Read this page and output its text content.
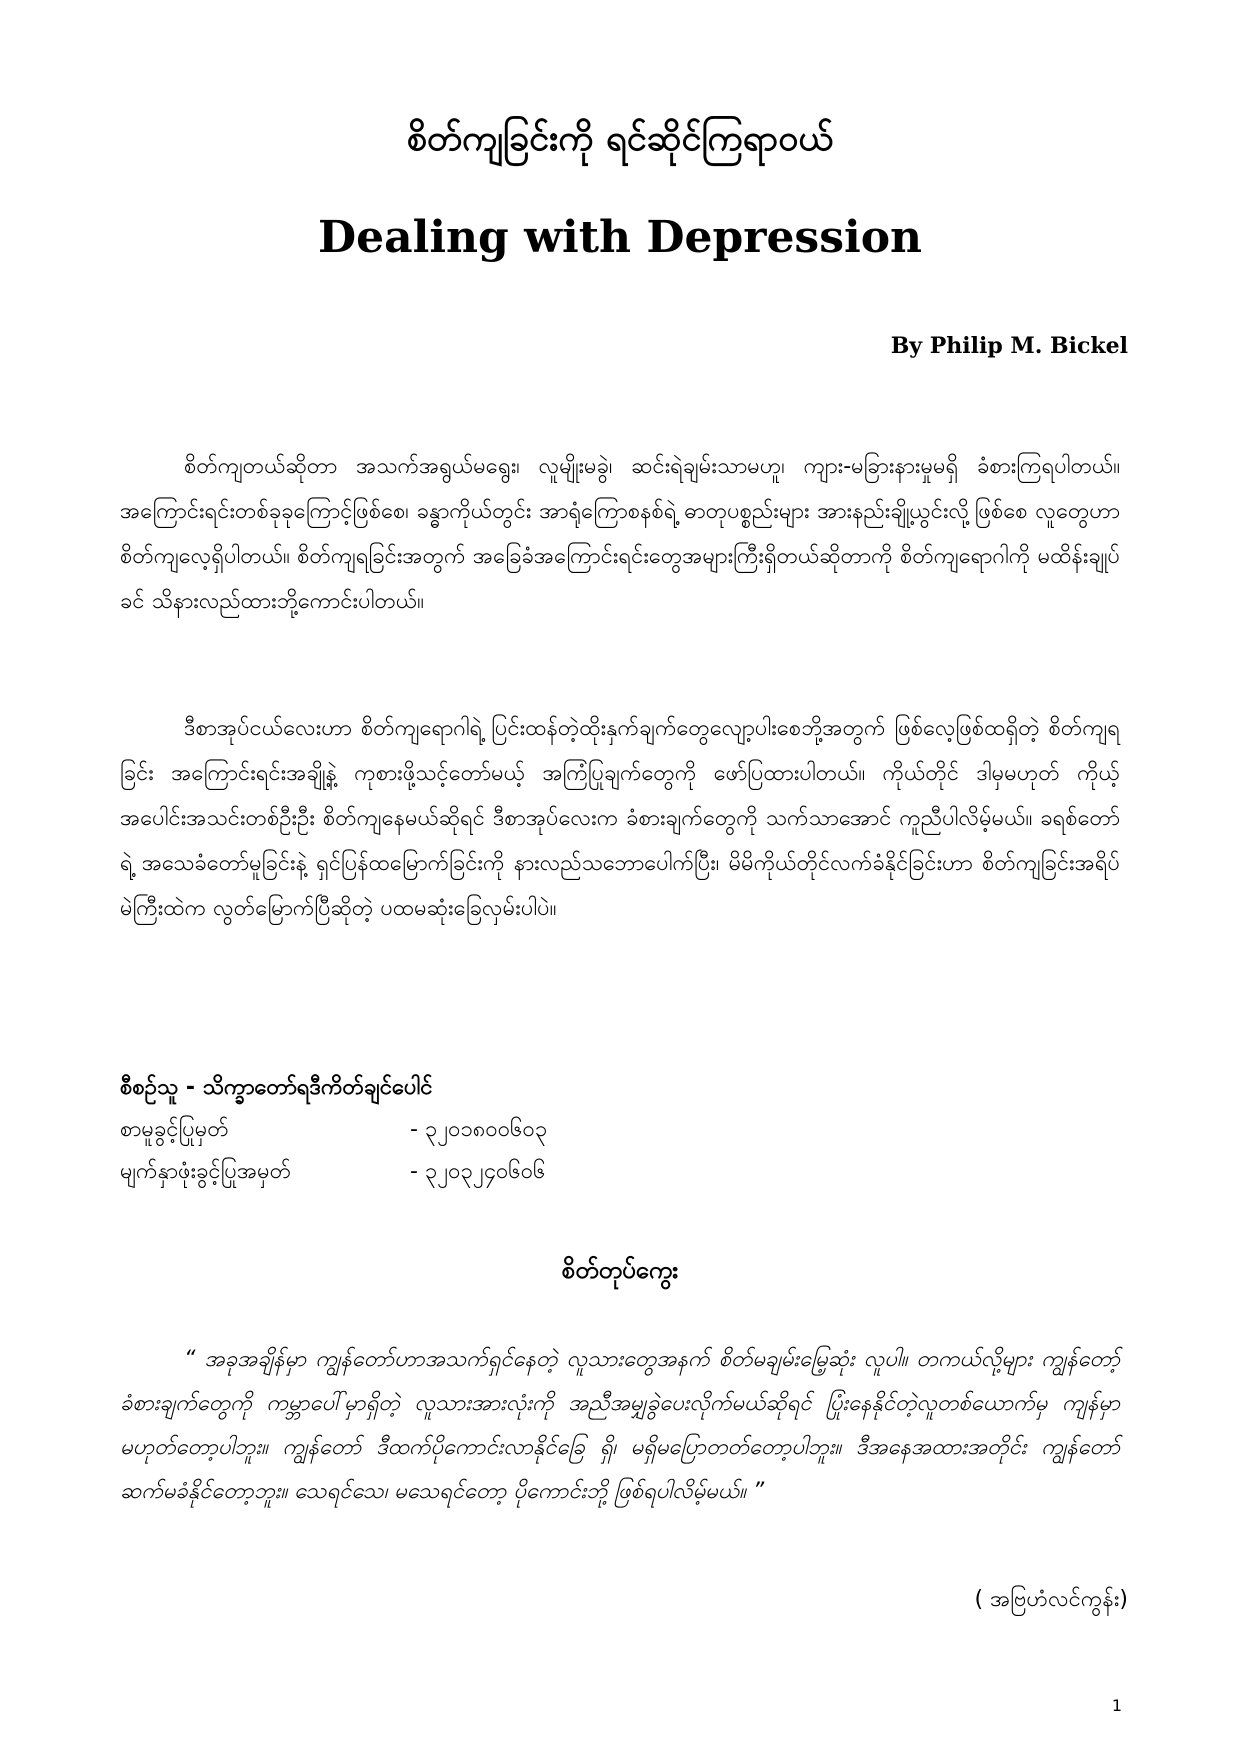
စိတ်ကျခြင်းကို ရင်ဆိုင်ကြရာဝယ်
Dealing with Depression
By Philip M. Bickel

စိတ်ကျတယ်ဆိုတာ အသက်အရွယ်မရွေး၊ လူမျိုးမခွဲ၊ ဆင်းရဲချမ်းသာမဟူ၊ ကျား-မခြားနားမှုမရှိ ခံစားကြရပါတယ်။ အကြောင်းရင်းတစ်ခုခုကြောင့်ဖြစ်စေ၊ ခန္ဓာကိုယ်တွင်း အာရုံကြောစနစ်ရဲ့ ဓာတုပစ္စည်းများ အားနည်းချို့ယွင်းလို့ဖြစ်စေ လူတွေဟာစိတ်ကျလေ့ရှိပါတယ်။ စိတ်ကျရခြင်းအတွက် အခြေခံအကြောင်းရင်းတွေအများကြီးရှိတယ်ဆိုတာကို စိတ်ကျရောဂါကို မထိန်းချုပ်ခင် သိနားလည်ထားဘို့ကောင်းပါတယ်။

ဒီစာအုပ်ငယ်လေးဟာ စိတ်ကျရောဂါရဲ့ ပြင်းထန်တဲ့ထိုးနှက်ချက်တွေလျော့ပါးစေဘို့အတွက် ဖြစ်လေ့ဖြစ်ထရှိတဲ့ စိတ်ကျရခြင်း အကြောင်းရင်းအချို့နဲ့ ကုစားဖို့သင့်တော်မယ့် အကြံပြုချက်တွေကို ဖော်ပြထားပါတယ်။ ကိုယ်တိုင် ဒါမှမဟုတ် ကိုယ့်အပေါင်းအသင်းတစ်ဦးဦး စိတ်ကျနေမယ်ဆိုရင် ဒီစာအုပ်လေးက ခံစားချက်တွေကို သက်သာအောင် ကူညီပါလိမ့်မယ်။ ခရစ်တော်ရဲ့ အသေခံတော်မူခြင်းနဲ့ ရှင်ပြန်ထမြောက်ခြင်းကို နားလည်သဘောပေါက်ပြီး၊ မိမိကိုယ်တိုင်လက်ခံနိုင်ခြင်းဟာ စိတ်ကျခြင်းအရိပ်မဲကြီးထဲက လွတ်မြောက်ပြီဆိုတဲ့ ပထမဆုံးခြေလှမ်းပါပဲ။

စီစဉ်သူ - သိက္ခာတော်ရဒီကိတ်ချင်ပေါင်
စာမူခွင့်ပြုမှတ်	- ၃၂၀၁၈၀၀၆၀၃
မျက်နှာဖုံးခွင့်ပြုအမှတ်	- ၃၂၀၃၂၄၀၆၀၆
စိတ်တုပ်ကွေး

“ အခုအချိန်မှာ ကျွန်တော်ဟာအသက်ရှင်နေတဲ့ လူသားတွေအနက် စိတ်မချမ်းမြေ့ဆုံး လူပါ။ တကယ်လို့များ ကျွန်တော့်ခံစားချက်တွေကို ကမ္ဘာပေါ်မှာရှိတဲ့ လူသားအားလုံးကို အညီအမျှခွဲပေးလိုက်မယ်ဆိုရင် ပြုံးနေနိုင်တဲ့လူတစ်ယောက်မှ ကျန်မှာမဟုတ်တော့ပါဘူး။ ကျွန်တော် ဒီထက်ပိုကောင်းလာနိုင်ခြေ ရှိ၊ မရှိမပြောတတ်တော့ပါဘူး။ ဒီအနေအထားအတိုင်း ကျွန်တော် ဆက်မခံနိုင်တော့ဘူး။ သေရင်သေ၊ မသေရင်တော့ ပိုကောင်းဘို့ ဖြစ်ရပါလိမ့်မယ်။ ”

( အဗြဟံလင်ကွန်း)
1
